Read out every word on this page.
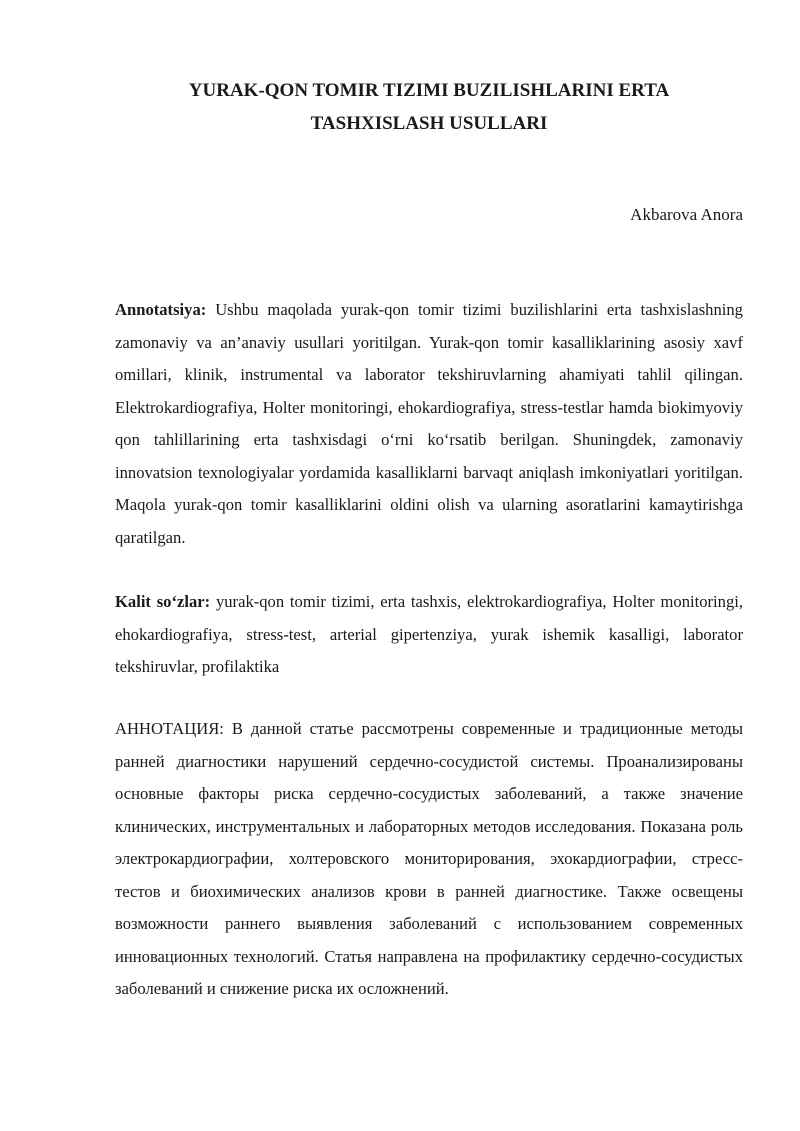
YURAK-QON TOMIR TIZIMI BUZILISHLARINI ERTA
TASHXISLASH USULLARI

Akbarova Anora

Annotatsiya: Ushbu maqolada yurak-qon tomir tizimi buzilishlarini erta tashxislashning zamonaviy va an’anaviy usullari yoritilgan. Yurak-qon tomir kasalliklarining asosiy xavf omillari, klinik, instrumental va laborator tekshiruvlarning ahamiyati tahlil qilingan. Elektrokardiografiya, Holter monitoringi, ehokardiografiya, stress-testlar hamda biokimyoviy qon tahlillarining erta tashxisdagi o‘rni ko‘rsatib berilgan. Shuningdek, zamonaviy innovatsion texnologiyalar yordamida kasalliklarni barvaqt aniqlash imkoniyatlari yoritilgan. Maqola yurak-qon tomir kasalliklarini oldini olish va ularning asoratlarini kamaytirishga qaratilgan.

Kalit so‘zlar: yurak-qon tomir tizimi, erta tashxis, elektrokardiografiya, Holter monitoringi, ehokardiografiya, stress-test, arterial gipertenziya, yurak ishemik kasalligi, laborator tekshiruvlar, profilaktika

АННОТАЦИЯ: В данной статье рассмотрены современные и традиционные методы ранней диагностики нарушений сердечно-сосудистой системы. Проанализированы основные факторы риска сердечно-сосудистых заболеваний, а также значение клинических, инструментальных и лабораторных методов исследования. Показана роль электрокардиографии, холтеровского мониторирования, эхокардиографии, стресс-тестов и биохимических анализов крови в ранней диагностике. Также освещены возможности раннего выявления заболеваний с использованием современных инновационных технологий. Статья направлена на профилактику сердечно-сосудистых заболеваний и снижение риска их осложнений.
